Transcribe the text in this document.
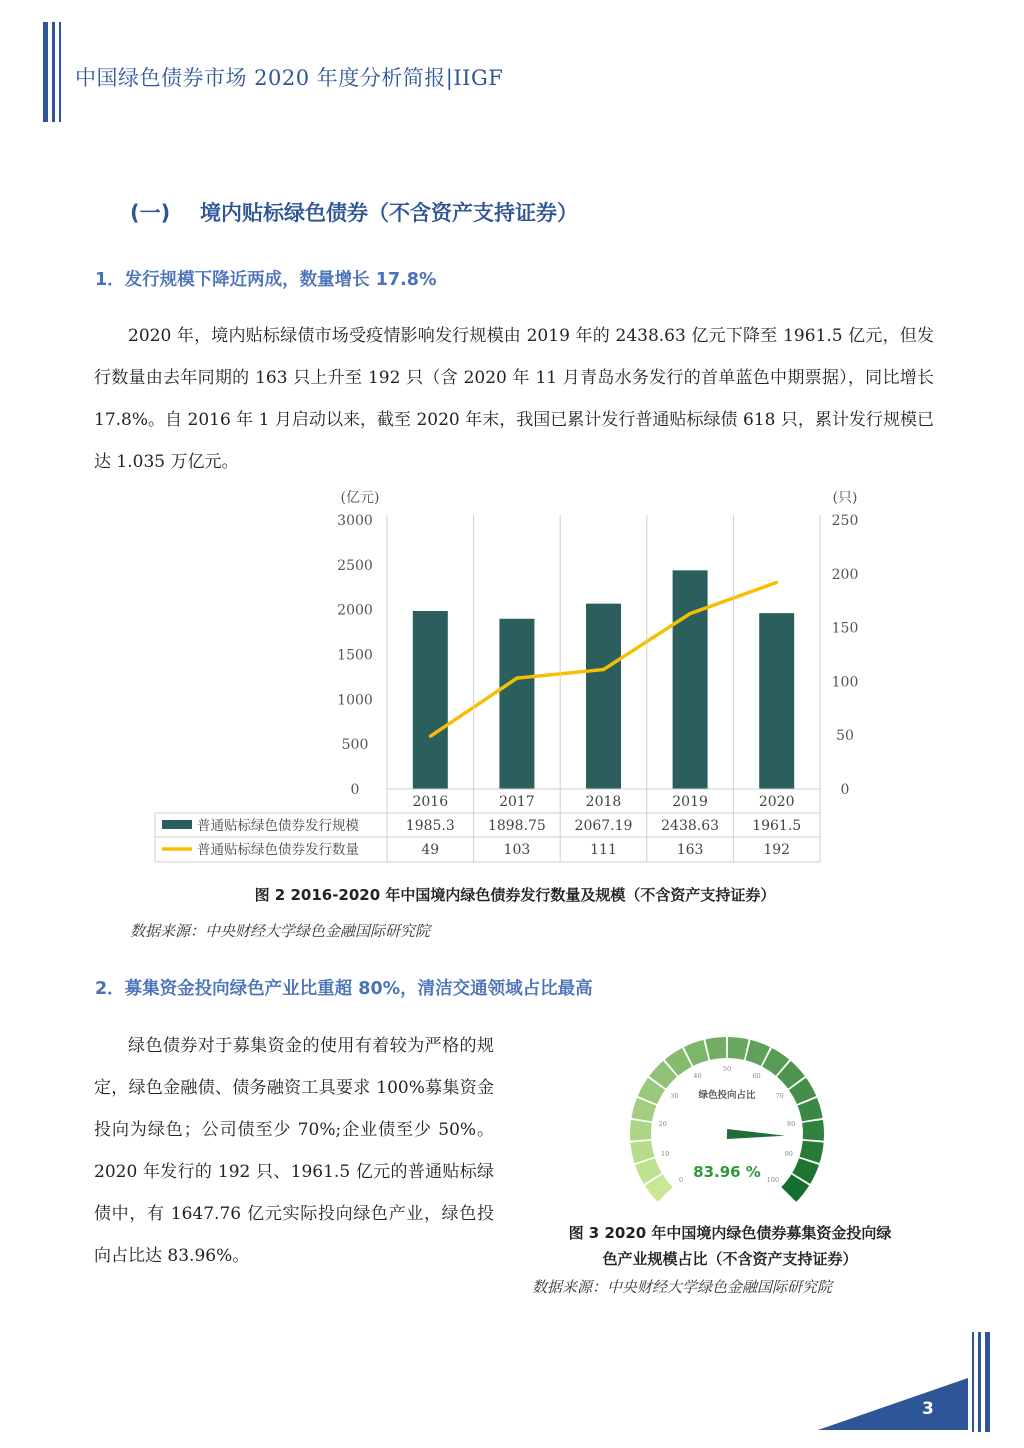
中国绿色债券市场 2020 年度分析简报|IIGF
(一) 境内贴标绿色债券（不含资产支持证券）
1．发行规模下降近两成，数量增长 17.8%

2020 年，境内贴标绿债市场受疫情影响发行规模由 2019 年的 2438.63 亿元下降至 1961.5 亿元，但发行数量由去年同期的 163 只上升至 192 只（含 2020 年 11 月青岛水务发行的首单蓝色中期票据），同比增长 17.8%。自 2016 年 1 月启动以来，截至 2020 年末，我国已累计发行普通贴标绿债 618 只，累计发行规模已达 1.035 万亿元。

(亿元)	(只)
0
500
1000
1500
2000
2500
3000
0
50
100
150
200
250
2016	2017	2018	2019	2020
普通贴标绿色债券发行规模
普通贴标绿色债券发行数量
1985.3 1898.75 2067.19 2438.63 1961.5
49	103	111	163	192
图 2 2016-2020 年中国境内绿色债券发行数量及规模（不含资产支持证券）
数据来源：中央财经大学绿色金融国际研究院
2．募集资金投向绿色产业比重超 80%，清洁交通领域占比最高

绿色债券对于募集资金的使用有着较为严格的规定，绿色金融债、债务融资工具要求 100%募集资金投向为绿色；公司债至少 70%;企业债至少 50%。2020 年发行的 192 只、1961.5 亿元的普通贴标绿债中，有 1647.76 亿元实际投向绿色产业，绿色投向占比达 83.96%。

0
10
20
30
40
50
60
70
80
90
100
绿色投向占比
83.96 %
图 3 2020 年中国境内绿色债券募集资金投向绿
色产业规模占比（不含资产支持证券）
数据来源：中央财经大学绿色金融国际研究院
3
